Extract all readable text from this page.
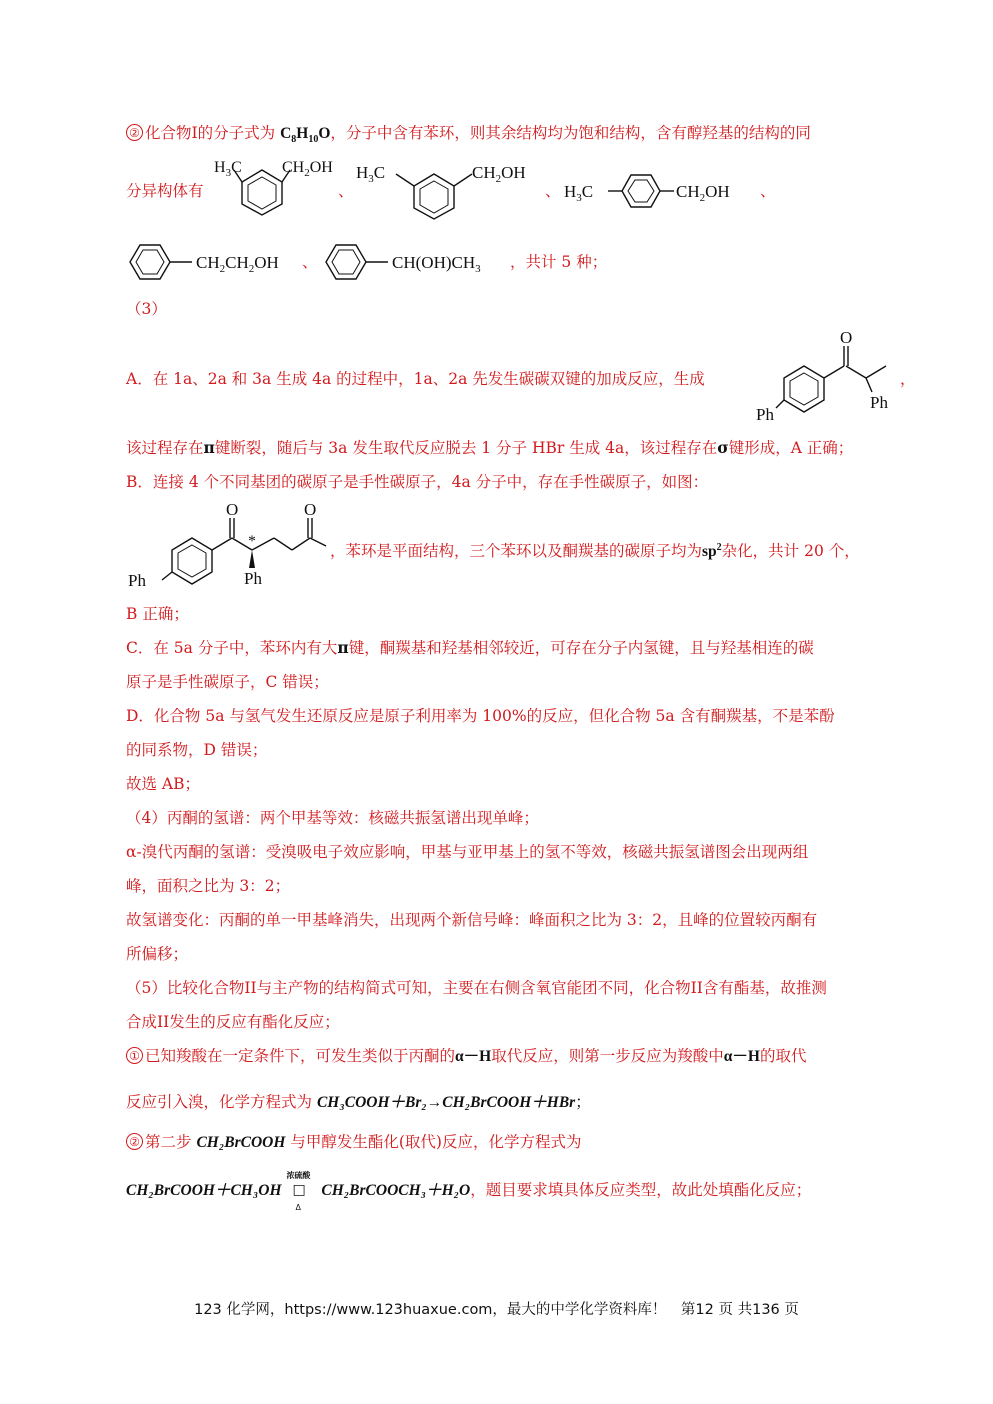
② 化合物I的分子式为 $C_8H_{10}O$，分子中含有苯环，则其余结构均为饱和结构，含有醇羟基的结构的同
分异构体有
$H_3C$	$CH_2OH$
、
$H_3C$	$CH_2OH$
、 $H_3C$	$CH_2OH$ 、
$CH_2CH_2OH$ 、	$CH(OH)CH_3$ ，共计 5 种；
（3）
A．在 1a、2a 和 3a 生成 4a 的过程中，1a、2a 先发生碳碳双键的加成反应，生成
O
Ph
Ph
，
该过程存在π键断裂，随后与 3a 发生取代反应脱去 1 分子 HBr 生成 4a，该过程存在σ键形成，A 正确；
B．连接 4 个不同基团的碳原子是手性碳原子，4a 分子中，存在手性碳原子，如图：
O	O
*
Ph	Ph
，苯环是平面结构，三个苯环以及酮羰基的碳原子均为$sp^2$杂化，共计 20 个，
B 正确；
C．在 5a 分子中，苯环内有大π键，酮羰基和羟基相邻较近，可存在分子内氢键，且与羟基相连的碳
原子是手性碳原子，C 错误；
D．化合物 5a 与氢气发生还原反应是原子利用率为 100%的反应，但化合物 5a 含有酮羰基，不是苯酚
的同系物，D 错误；
故选 AB；
（4）丙酮的氢谱：两个甲基等效：核磁共振氢谱出现单峰；
α-溴代丙酮的氢谱：受溴吸电子效应影响，甲基与亚甲基上的氢不等效，核磁共振氢谱图会出现两组
峰，面积之比为 3：2；
故氢谱变化：丙酮的单一甲基峰消失，出现两个新信号峰：峰面积之比为 3：2，且峰的位置较丙酮有
所偏移；
（5）比较化合物II与主产物的结构简式可知，主要在右侧含氧官能团不同，化合物II含有酯基，故推测
合成II发生的反应有酯化反应；
① 已知羧酸在一定条件下，可发生类似于丙酮的α－H取代反应，则第一步反应为羧酸中α－H的取代
反应引入溴，化学方程式为 CH₃COOH＋Br₂→CH₂BrCOOH＋HBr；
② 第二步 CH₂BrCOOH 与甲醇发生酯化(取代)反应，化学方程式为
CH₂BrCOOH＋CH₃OH
浓硫酸
□
Δ
CH₂BrCOOCH₃＋H₂O，题目要求填具体反应类型，故此处填酯化反应；
123 化学网，https://www.123huaxue.com，最大的中学化学资料库！　第12 页 共136 页
